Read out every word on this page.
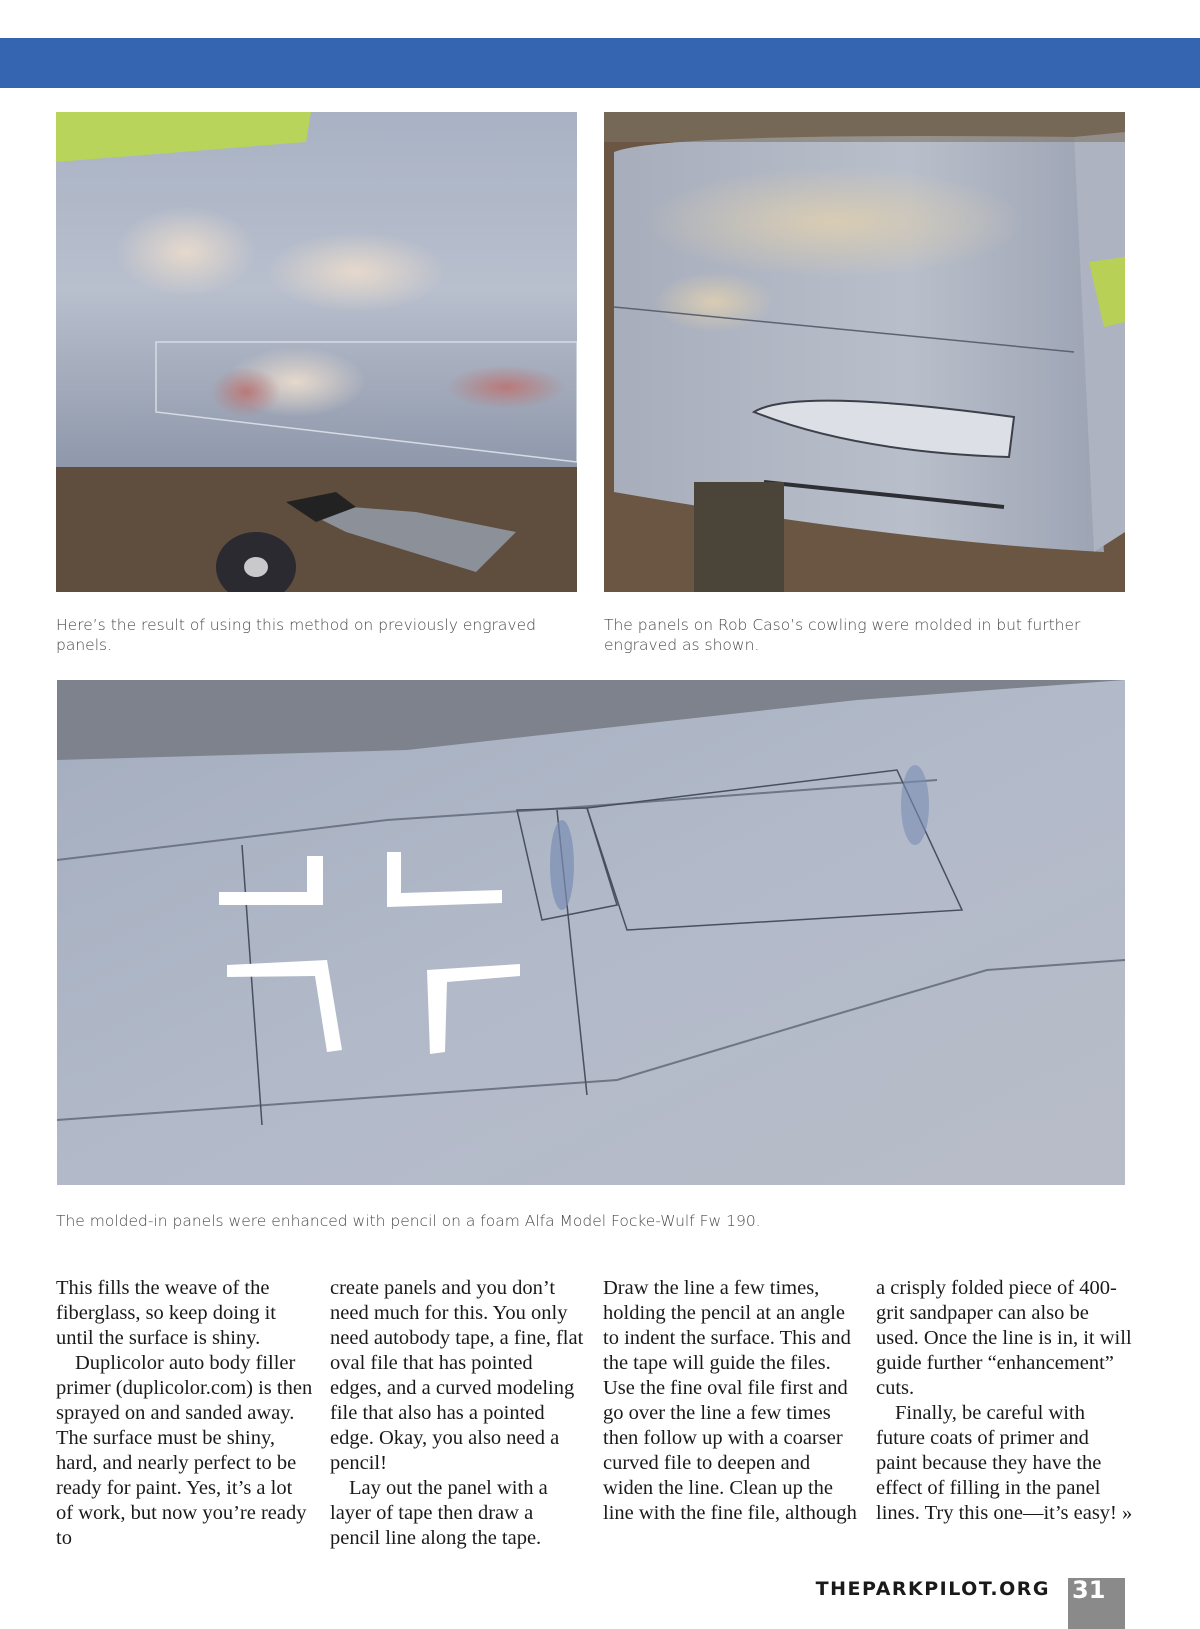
Here’s the result of using this method on previously engraved panels.
The panels on Rob Caso’s cowling were molded in but further engraved as shown.
The molded-in panels were enhanced with pencil on a foam Alfa Model Focke-Wulf Fw 190.

This fills the weave of the fiberglass, so keep doing it until the surface is shiny.

Duplicolor auto body filler primer (duplicolor.com) is then sprayed on and sanded away. The surface must be shiny, hard, and nearly perfect to be ready for paint. Yes, it’s a lot of work, but now you’re ready to

create panels and you don’t need much for this. You only need autobody tape, a fine, flat oval file that has pointed edges, and a curved modeling file that also has a pointed edge. Okay, you also need a pencil!

Lay out the panel with a layer of tape then draw a pencil line along the tape.

Draw the line a few times, holding the pencil at an angle to indent the surface. This and the tape will guide the files. Use the fine oval file first and go over the line a few times then follow up with a coarser curved file to deepen and widen the line. Clean up the line with the fine file, although

a crisply folded piece of 400-grit sandpaper can also be used. Once the line is in, it will guide further “enhancement” cuts.

Finally, be careful with future coats of primer and paint because they have the effect of filling in the panel lines. Try this one—it’s easy! »

THEPARKPILOT.ORG 31
